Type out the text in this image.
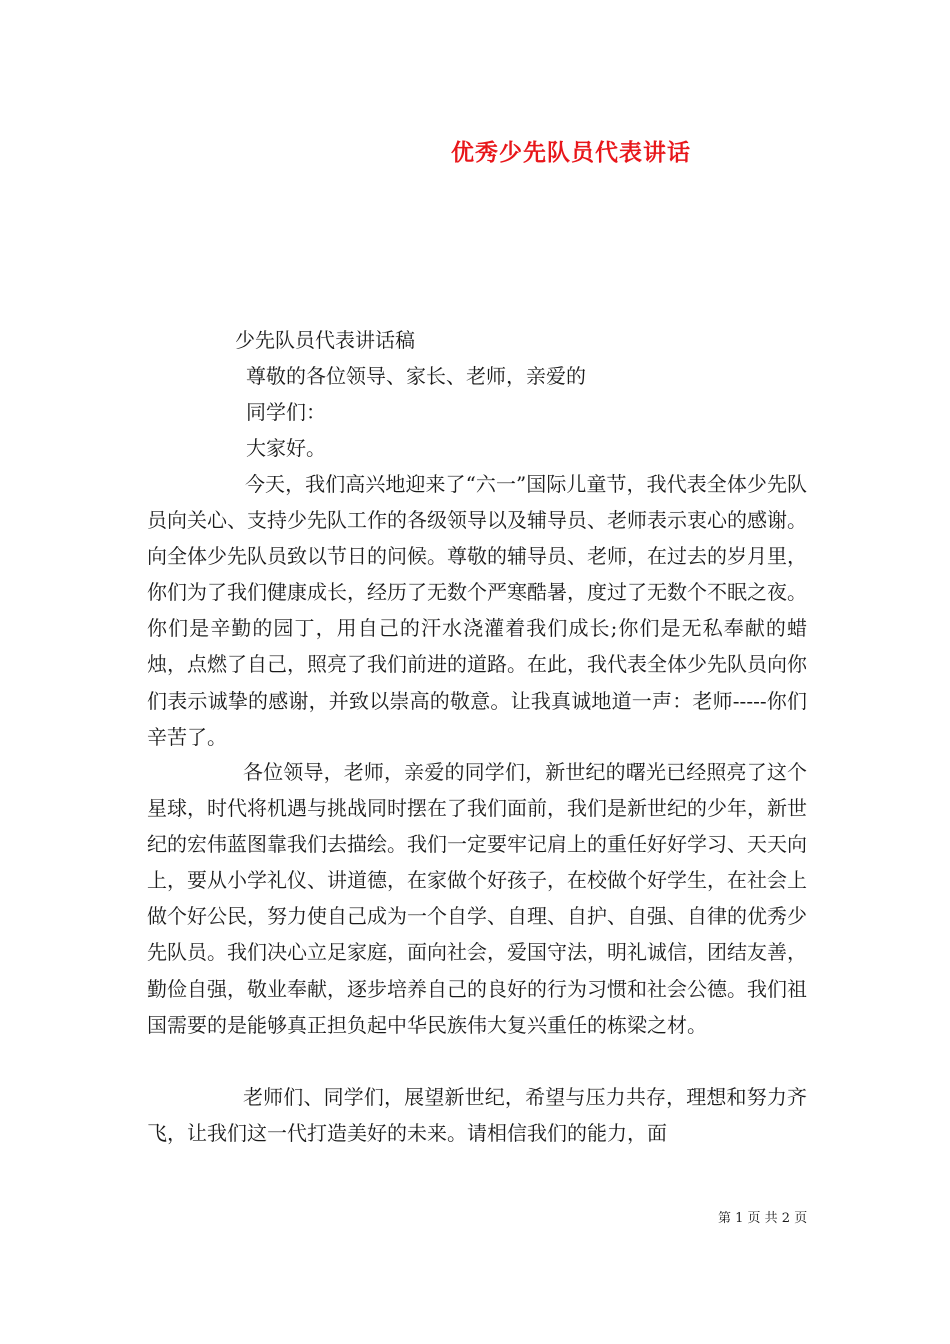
优秀少先队员代表讲话
少先队员代表讲话稿
尊敬的各位领导、家长、老师，亲爱的
同学们：
大家好。

今天，我们高兴地迎来了“六一”国际儿童节，我代表全体少先队员向关心、支持少先队工作的各级领导以及辅导员、老师表示衷心的感谢。向全体少先队员致以节日的问候。尊敬的辅导员、老师，在过去的岁月里，你们为了我们健康成长，经历了无数个严寒酷暑，度过了无数个不眠之夜。你们是辛勤的园丁，用自己的汗水浇灌着我们成长;你们是无私奉献的蜡烛，点燃了自己，照亮了我们前进的道路。在此，我代表全体少先队员向你们表示诚挚的感谢，并致以崇高的敬意。让我真诚地道一声：老师-----你们辛苦了。

各位领导，老师，亲爱的同学们，新世纪的曙光已经照亮了这个星球，时代将机遇与挑战同时摆在了我们面前，我们是新世纪的少年，新世纪的宏伟蓝图靠我们去描绘。我们一定要牢记肩上的重任好好学习、天天向上，要从小学礼仪、讲道德，在家做个好孩子，在校做个好学生，在社会上做个好公民，努力使自己成为一个自学、自理、自护、自强、自律的优秀少先队员。我们决心立足家庭，面向社会，爱国守法，明礼诚信，团结友善，勤俭自强，敬业奉献，逐步培养自己的良好的行为习惯和社会公德。我们祖国需要的是能够真正担负起中华民族伟大复兴重任的栋梁之材。

老师们、同学们，展望新世纪，希望与压力共存，理想和努力齐飞，让我们这一代打造美好的未来。请相信我们的能力，面

第 1 页 共 2 页
